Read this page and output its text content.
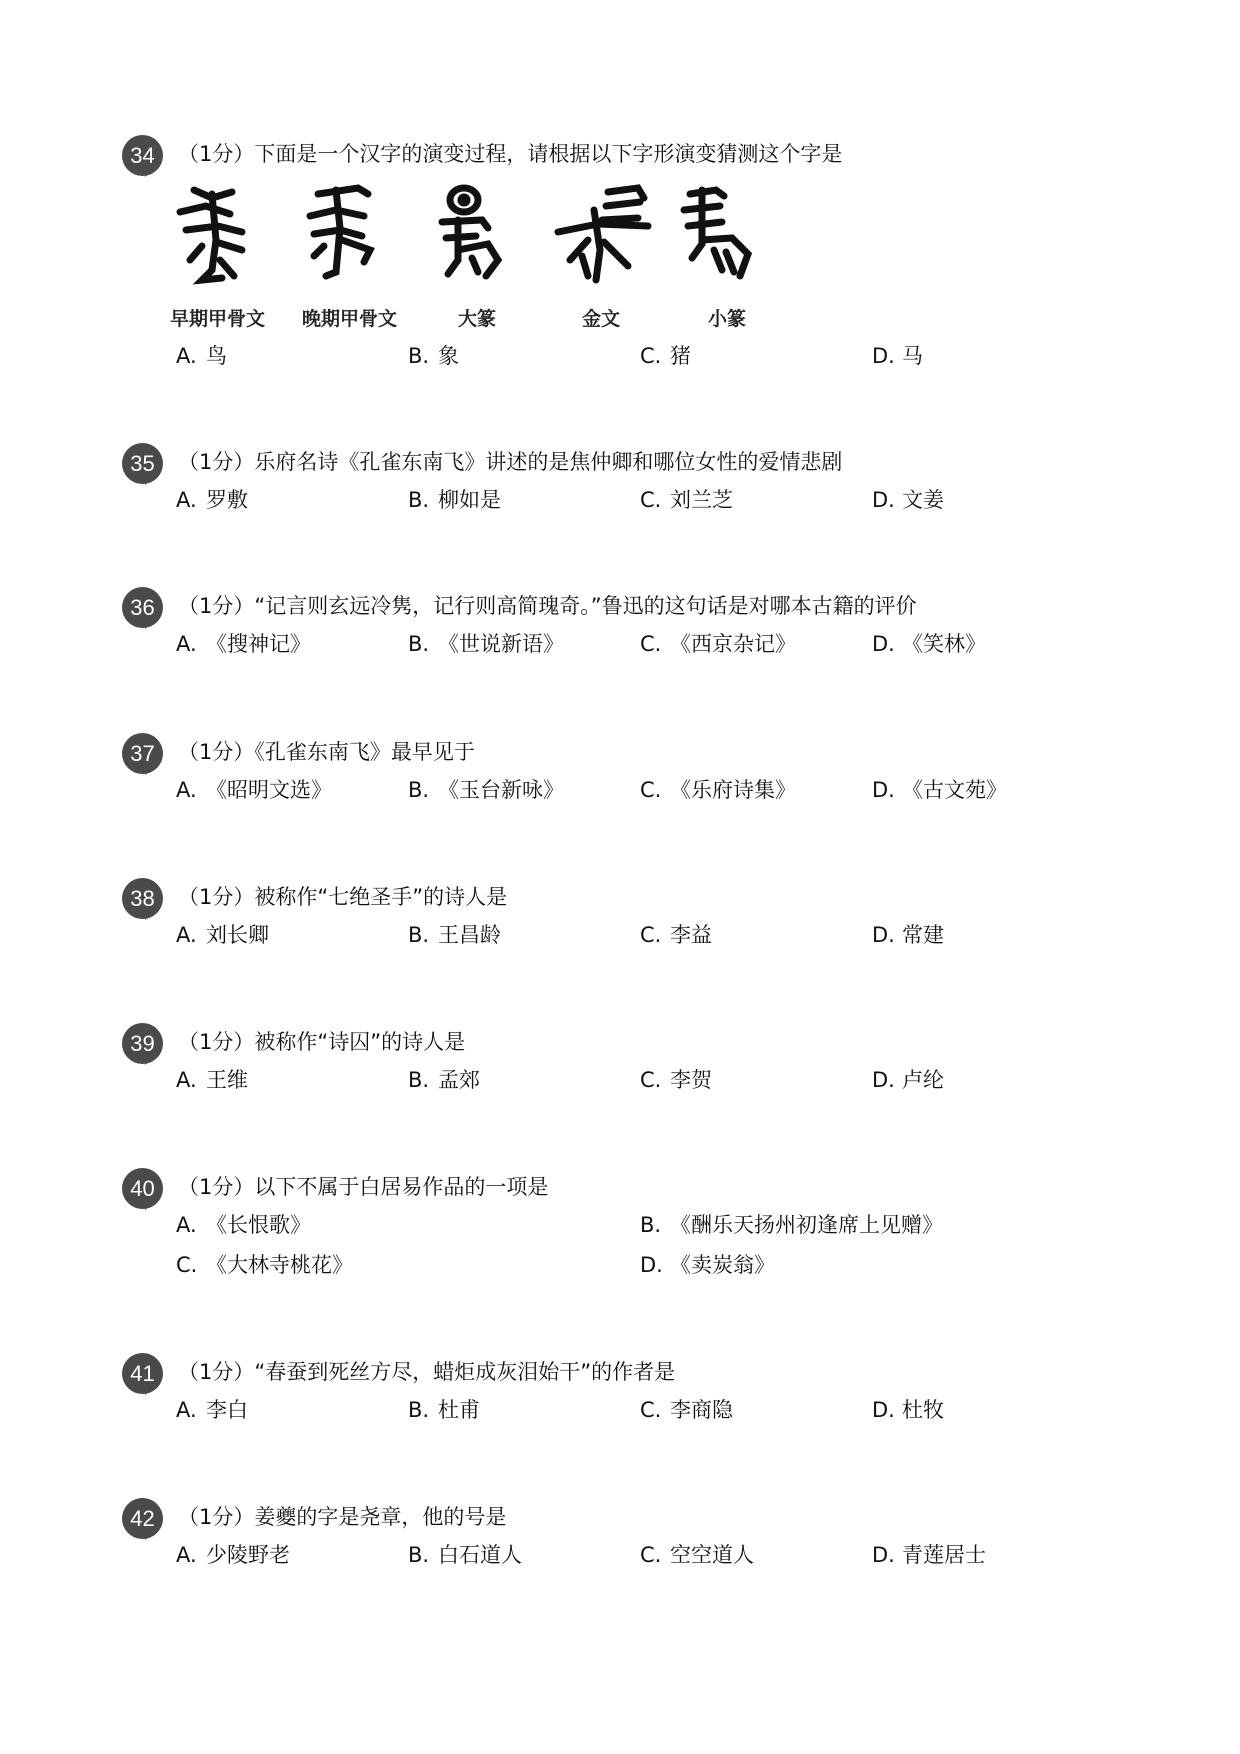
34	（1分）下面是一个汉字的演变过程，请根据以下字形演变猜测这个字是
早期甲骨文 晚期甲骨文	大篆	金文	小篆
A. 鸟	B. 象	C. 猪	D. 马
35	（1分）乐府名诗《孔雀东南飞》讲述的是焦仲卿和哪位女性的爱情悲剧
A. 罗敷	B. 柳如是	C. 刘兰芝	D. 文姜
36	（1分）“记言则玄远冷隽，记行则高简瑰奇。”鲁迅的这句话是对哪本古籍的评价
A. 《搜神记》	B. 《世说新语》	C. 《西京杂记》	D. 《笑林》
37	（1分）《孔雀东南飞》最早见于
A. 《昭明文选》	B. 《玉台新咏》	C. 《乐府诗集》	D. 《古文苑》
38	（1分）被称作“七绝圣手”的诗人是
A. 刘长卿	B. 王昌龄	C. 李益	D. 常建
39	（1分）被称作“诗囚”的诗人是
A. 王维	B. 孟郊	C. 李贺	D. 卢纶
40	（1分）以下不属于白居易作品的一项是
A. 《长恨歌》	B. 《酬乐天扬州初逢席上见赠》
C. 《大林寺桃花》	D. 《卖炭翁》
41	（1分）“春蚕到死丝方尽，蜡炬成灰泪始干”的作者是
A. 李白	B. 杜甫	C. 李商隐	D. 杜牧
42	（1分）姜夔的字是尧章，他的号是
A. 少陵野老	B. 白石道人	C. 空空道人	D. 青莲居士
